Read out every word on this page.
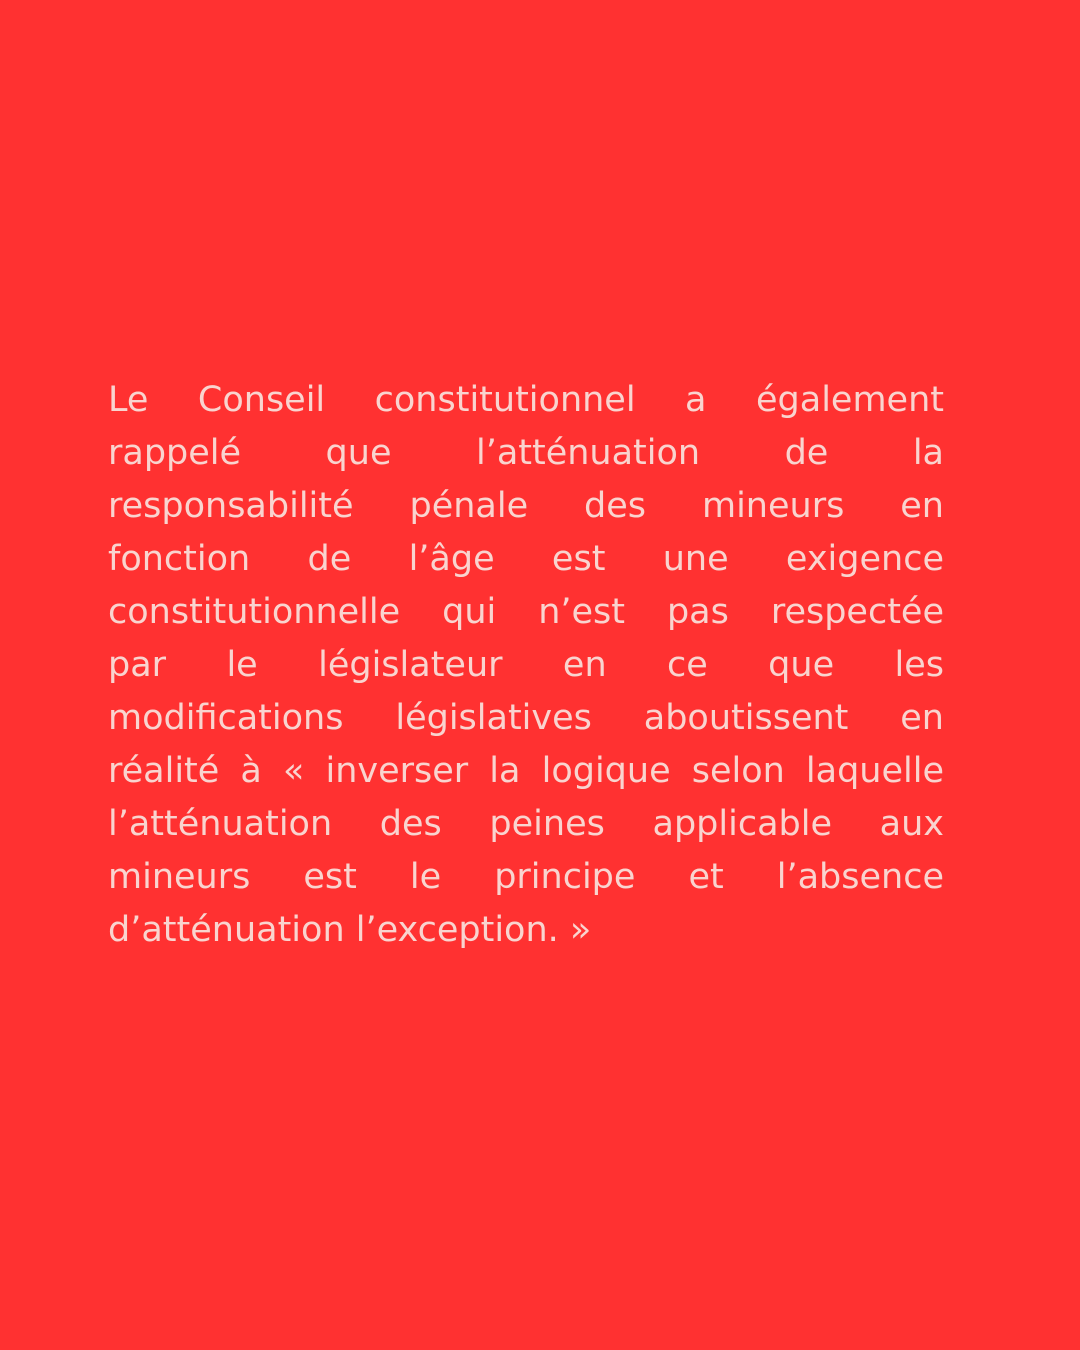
Le Conseil constitutionnel a également
rappelé que l’atténuation de la
responsabilité pénale des mineurs en
fonction de l’âge est une exigence
constitutionnelle qui n’est pas respectée
par le législateur en ce que les
modifications législatives aboutissent en
réalité à « inverser la logique selon laquelle
l’atténuation des peines applicable aux
mineurs est le principe et l’absence
d’atténuation l’exception. »
